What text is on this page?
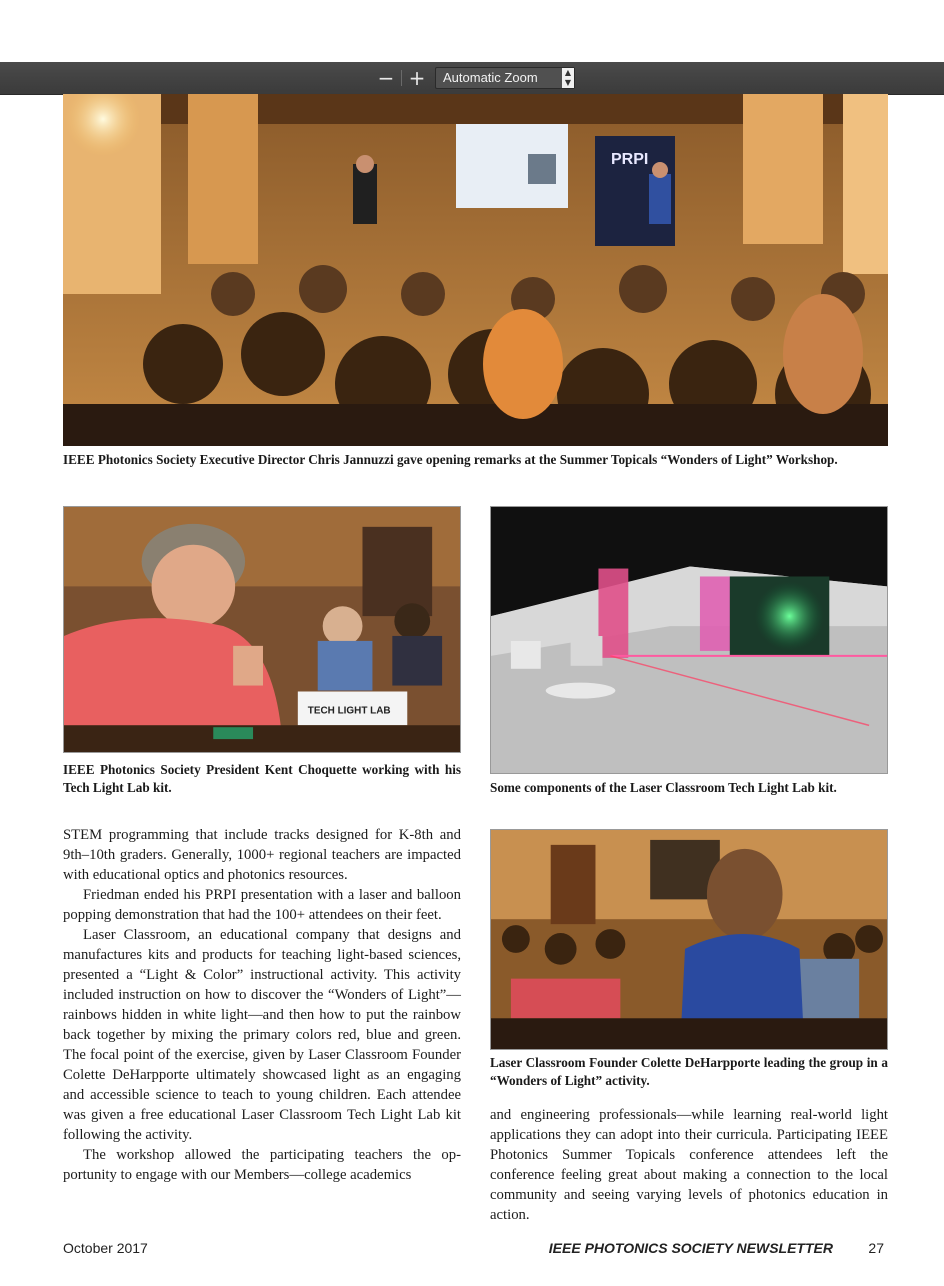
− + Automatic Zoom	▲
▼
PRPI
IEEE Photonics Society Executive Director Chris Jannuzzi gave opening remarks at the Summer Topicals “Wonders of Light” Workshop.
TECH LIGHT LAB
IEEE Photonics Society President Kent Choquette working with his Tech Light Lab kit.	Some components of the Laser Classroom Tech Light Lab kit.
Laser Classroom Founder Colette DeHarpporte leading the group in a “Wonders of Light” activity.

STEM programming that include tracks designed for K-8th and 9th–10th graders. Generally, 1000+ regional teachers are impacted with educational optics and photonics resources.

Friedman ended his PRPI presentation with a laser and balloon popping demonstration that had the 100+ attendees on their feet.

Laser Classroom, an educational company that designs and manufactures kits and products for teaching light-based sciences, presented a “Light & Color” instructional activity. This activity included instruction on how to discover the “Wonders of Light”—rainbows hidden in white light—and then how to put the rainbow back together by mixing the primary colors red, blue and green. The focal point of the exercise, given by Laser Classroom Founder Colette DeHarpporte ultimately showcased light as an engaging and accessible science to teach to young children. Each attendee was given a free educational Laser Classroom Tech Light Lab kit following the activity.

The workshop allowed the participating teachers the opportunity to engage with our Members—college academics

and engineering professionals—while learning real-world light applications they can adopt into their curricula. Participating IEEE Photonics Summer Topicals conference attendees left the conference feeling great about making a connection to the local community and seeing varying levels of photonics education in action.

October 2017	IEEE PHOTONICS SOCIETY NEWSLETTER	27
